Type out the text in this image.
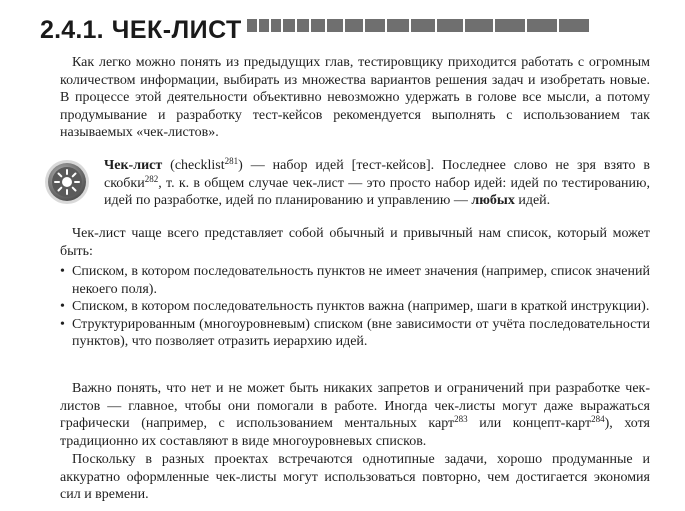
2.4.1. ЧЕК-ЛИСТ

Как легко можно понять из предыдущих глав, тестировщику приходится работать с огромным количеством информации, выбирать из множества вариантов решения задач и изобретать новые. В процессе этой деятельности объективно невозможно удержать в голове все мысли, а потому продумывание и разработку тест-кейсов рекомендуется выполнять с использованием так называемых «чек-листов».

Чек-лист (checklist$^{281}$) — набор идей [тест-кейсов]. Последнее слово не зря взято в скобки$^{282}$, т. к. в общем случае чек-лист — это просто набор идей: идей по тестированию, идей по разработке, идей по планированию и управлению — любых идей.

Чек-лист чаще всего представляет собой обычный и привычный нам список, который может быть:

• Списком, в котором последовательность пунктов не имеет значения (например, список значений некоего поля).
• Списком, в котором последовательность пунктов важна (например, шаги в краткой инструкции).
• Структурированным (многоуровневым) списком (вне зависимости от учёта последовательности пунктов), что позволяет отразить иерархию идей.

Важно понять, что нет и не может быть никаких запретов и ограничений при разработке чек-листов — главное, чтобы они помогали в работе. Иногда чек-листы могут даже выражаться графически (например, с использованием ментальных карт$^{283}$ или концепт-карт$^{284}$), хотя традиционно их составляют в виде многоуровневых списков.

Поскольку в разных проектах встречаются однотипные задачи, хорошо продуманные и аккуратно оформленные чек-листы могут использоваться повторно, чем достигается экономия сил и времени.
